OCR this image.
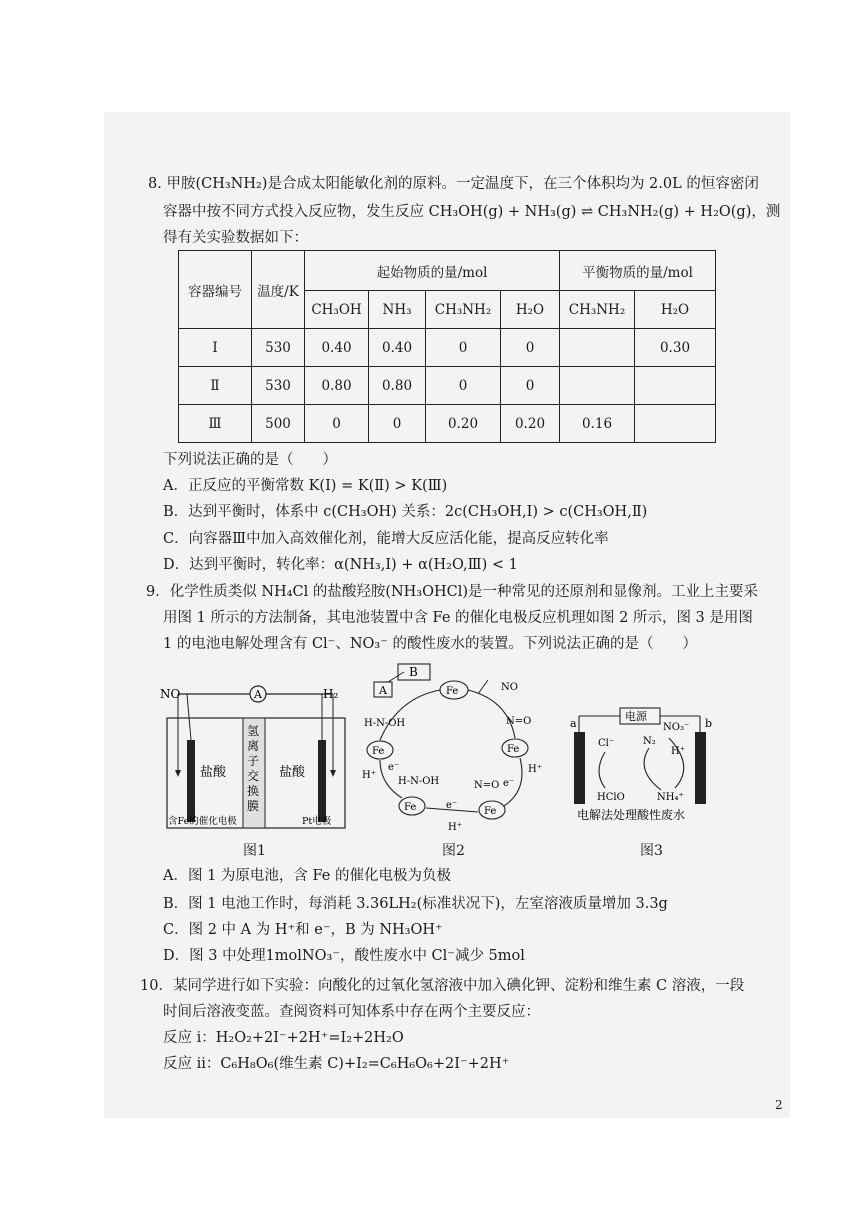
8. 甲胺(CH₃NH₂)是合成太阳能敏化剂的原料。一定温度下，在三个体积均为 2.0L 的恒容密闭
容器中按不同方式投入反应物，发生反应 CH₃OH(g) + NH₃(g) ⇌ CH₃NH₂(g) + H₂O(g)，测
得有关实验数据如下：
容器编号	温度/K	起始物质的量/mol				平衡物质的量/mol	
		CH₃OH	NH₃	CH₃NH₂	H₂O	CH₃NH₂	H₂O
Ⅰ	530	0.40	0.40	0	0		0.30
Ⅱ	530	0.80	0.80	0	0		
Ⅲ	500	0	0	0.20	0.20	0.16	
下列说法正确的是（　　）
A．正反应的平衡常数 K(Ⅰ) = K(Ⅱ) > K(Ⅲ)
B．达到平衡时，体系中 c(CH₃OH) 关系：2c(CH₃OH,Ⅰ) > c(CH₃OH,Ⅱ)
C．向容器Ⅲ中加入高效催化剂，能增大反应活化能，提高反应转化率
D．达到平衡时，转化率：α(NH₃,Ⅰ) + α(H₂O,Ⅲ) < 1
9．化学性质类似 NH₄Cl 的盐酸羟胺(NH₃OHCl)是一种常见的还原剂和显像剂。工业上主要采
用图 1 所示的方法制备，其电池装置中含 Fe 的催化电极反应机理如图 2 所示，图 3 是用图
1 的电池电解处理含有 Cl⁻、NO₃⁻ 的酸性废水的装置。下列说法正确的是（　　）
NO	H₂
A
氢
离
子
交
换
膜
盐酸	盐酸
含Fe的催化电极	Pt电极
图1
B
A	Fe	NO
Fe
N=O
H⁺
Fe
N=O e⁻
Fe
H-N-OH
e⁻
H⁺
Fe
H-N-OH
H⁺
e⁻
图2
a	b
电源
Cl⁻
HClO
N₂
NO₃⁻
H⁺
NH₄⁺
电解法处理酸性废水
图3
A．图 1 为原电池，含 Fe 的催化电极为负极
B．图 1 电池工作时，每消耗 3.36LH₂(标准状况下)，左室溶液质量增加 3.3g
C．图 2 中 A 为 H⁺和 e⁻，B 为 NH₃OH⁺
D．图 3 中处理1molNO₃⁻，酸性废水中 Cl⁻减少 5mol
10．某同学进行如下实验：向酸化的过氧化氢溶液中加入碘化钾、淀粉和维生素 C 溶液，一段
时间后溶液变蓝。查阅资料可知体系中存在两个主要反应：
反应 i：H₂O₂+2I⁻+2H⁺=I₂+2H₂O
反应 ii：C₆H₈O₆(维生素 C)+I₂=C₆H₆O₆+2I⁻+2H⁺
2
